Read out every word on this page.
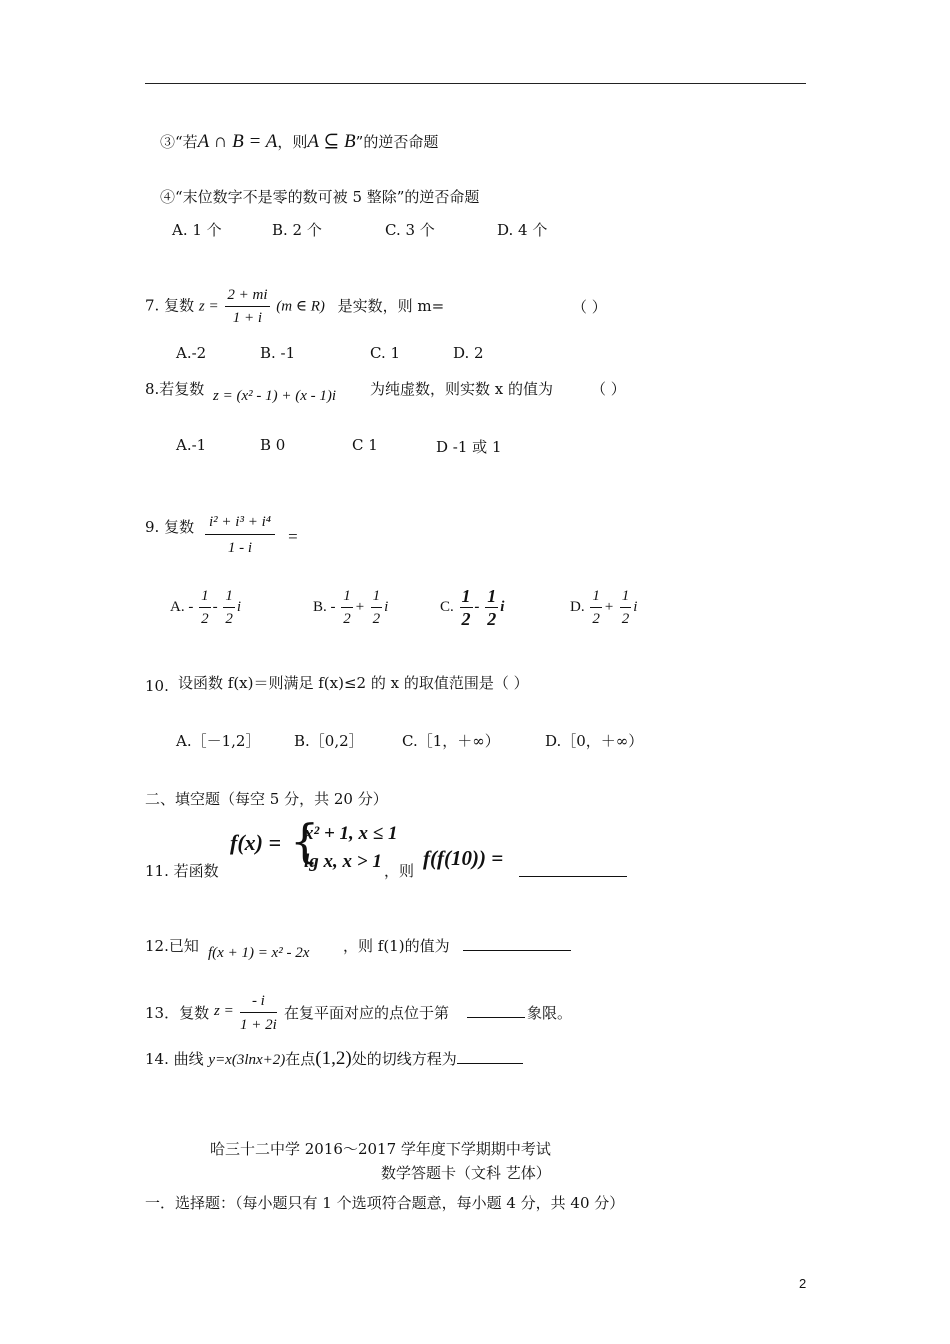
③“若A ∩ B = A，则A ⊆ B”的逆否命题
④“末位数字不是零的数可被 5 整除”的逆否命题
A. 1 个	B. 2 个	C. 3 个	D. 4 个
7. 复数 $z = \frac{2 + mi}{1 + i} (m$ ∈ R) 是实数，则 m=	（ ）
A.-2	B. -1	C. 1	D. 2
8.若复数 z = (x² - 1) + (x - 1)i 为纯虚数，则实数 x 的值为	（ ）
A.-1	B 0	C 1	D -1 或 1
9. 复数 $\frac{\text{i² + i³ + i⁴}}{1 - i}$ =
A. - $\frac{1}{2} - \frac{1}{2}$ i	B. - $\frac{1}{2} + \frac{1}{2}$ i	C. $\frac{1}{2} - \frac{1}{2}$ i	D. $\frac{1}{2} + \frac{1}{2}$ i
10. 设函数 f(x)＝则满足 f(x)≤2 的 x 的取值范围是（ ）
A.［－1,2］ B.［0,2］	C.［1，＋∞）	D.［0，＋∞）
二、填空题（每空 5 分，共 20 分）
11. 若函数
f(x) = {
x² + 1, x ≤ 1
lg x, x > 1 ，则
f(f(10)) =
12.已知 f(x + 1) = x² - 2x ，则 f(1)的值为
13．复数 $z = \frac{- i}{1 + 2i}$ 在复平面对应的点位于第	象限。
14. 曲线 y=x(3lnx+2)在点(1,2)处的切线方程为
哈三十二中学 2016～2017 学年度下学期期中考试
数学答题卡（文科 艺体）
一．选择题：（每小题只有 1 个选项符合题意，每小题 4 分，共 40 分）
2
